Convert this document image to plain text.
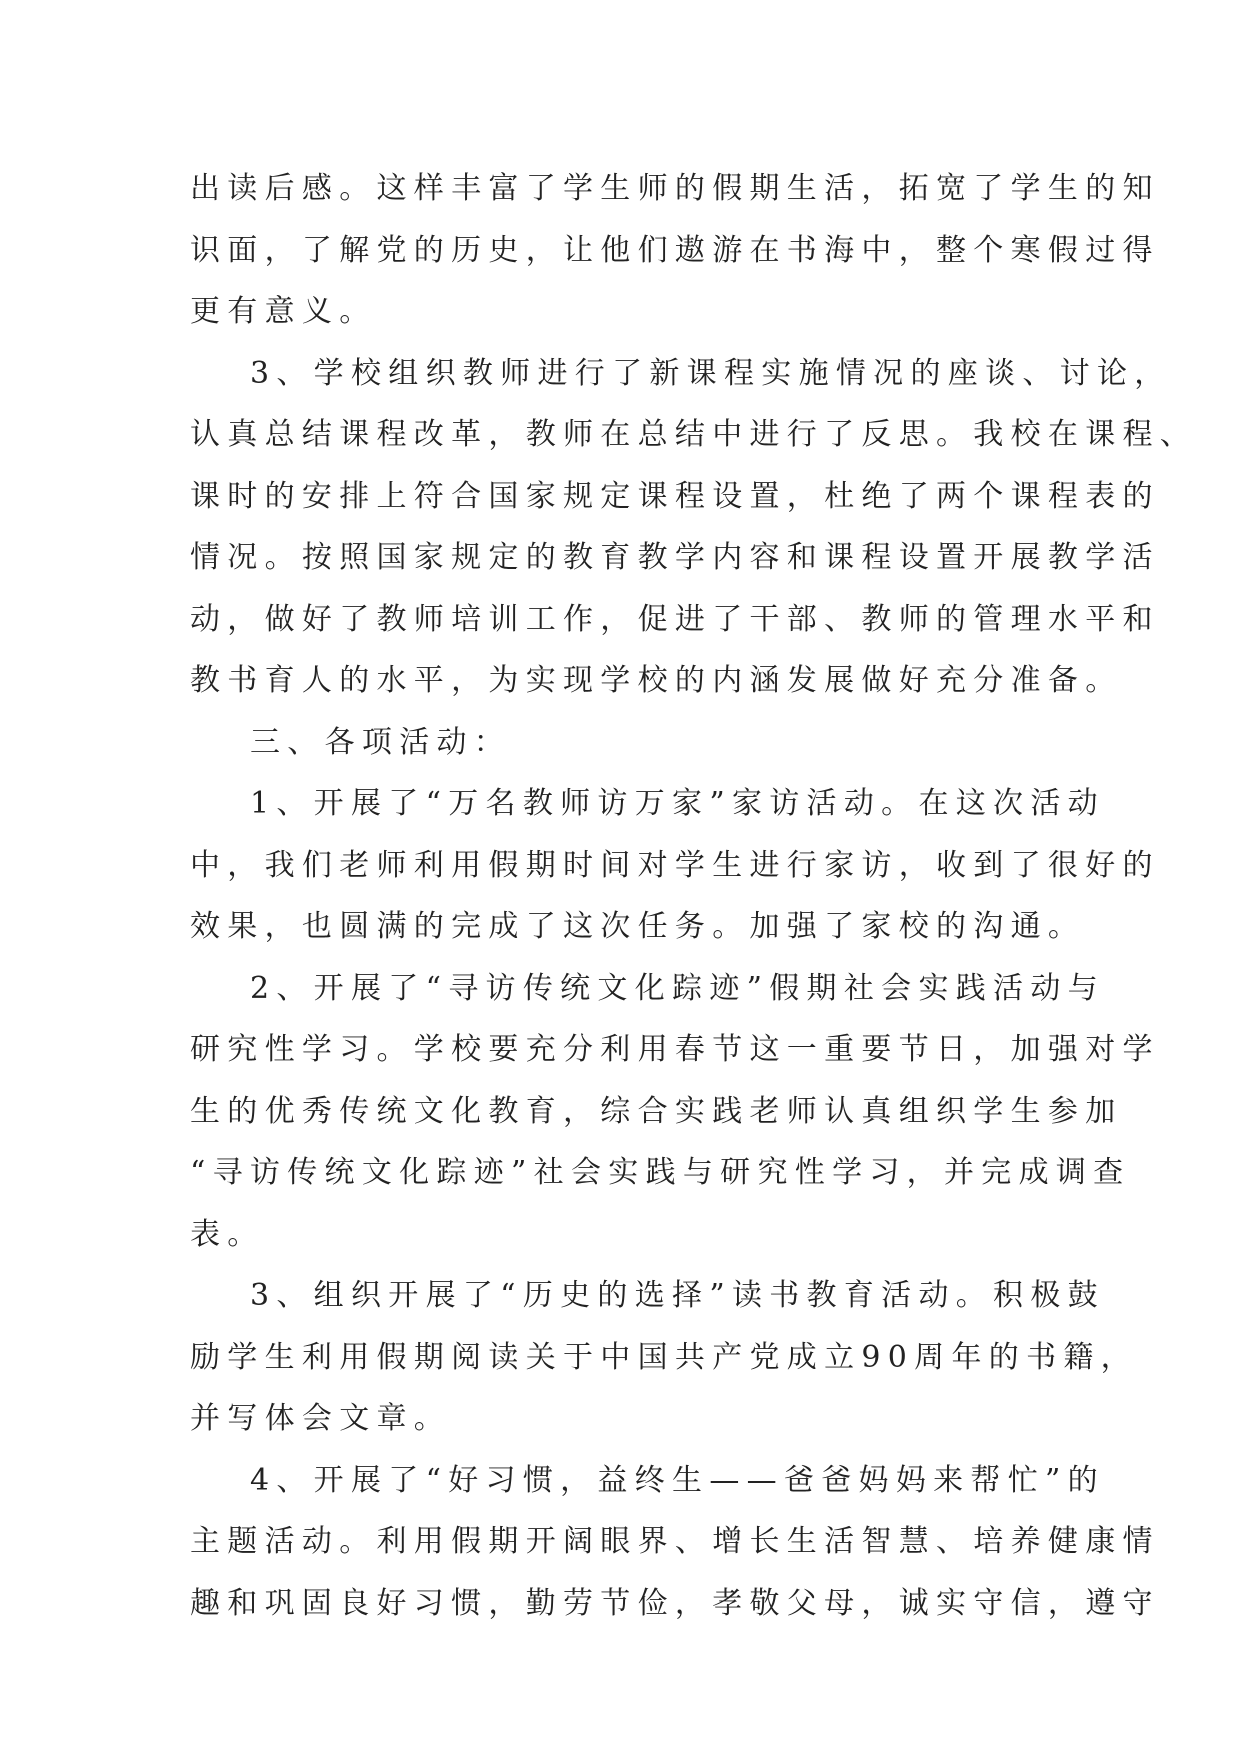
出读后感。这样丰富了学生师的假期生活，拓宽了学生的知
识面，了解党的历史，让他们遨游在书海中，整个寒假过得
更有意义。
3、学校组织教师进行了新课程实施情况的座谈、讨论，
认真总结课程改革，教师在总结中进行了反思。我校在课程、
课时的安排上符合国家规定课程设置，杜绝了两个课程表的
情况。按照国家规定的教育教学内容和课程设置开展教学活
动，做好了教师培训工作，促进了干部、教师的管理水平和
教书育人的水平，为实现学校的内涵发展做好充分准备。
三、各项活动：
1、开展了“万名教师访万家”家访活动。在这次活动
中，我们老师利用假期时间对学生进行家访，收到了很好的
效果，也圆满的完成了这次任务。加强了家校的沟通。
2、开展了“寻访传统文化踪迹”假期社会实践活动与
研究性学习。学校要充分利用春节这一重要节日，加强对学
生的优秀传统文化教育，综合实践老师认真组织学生参加
“寻访传统文化踪迹”社会实践与研究性学习，并完成调查
表。
3、组织开展了“历史的选择”读书教育活动。积极鼓
励学生利用假期阅读关于中国共产党成立90周年的书籍，
并写体会文章。
4、开展了“好习惯，益终生——爸爸妈妈来帮忙”的
主题活动。利用假期开阔眼界、增长生活智慧、培养健康情
趣和巩固良好习惯，勤劳节俭，孝敬父母，诚实守信，遵守
